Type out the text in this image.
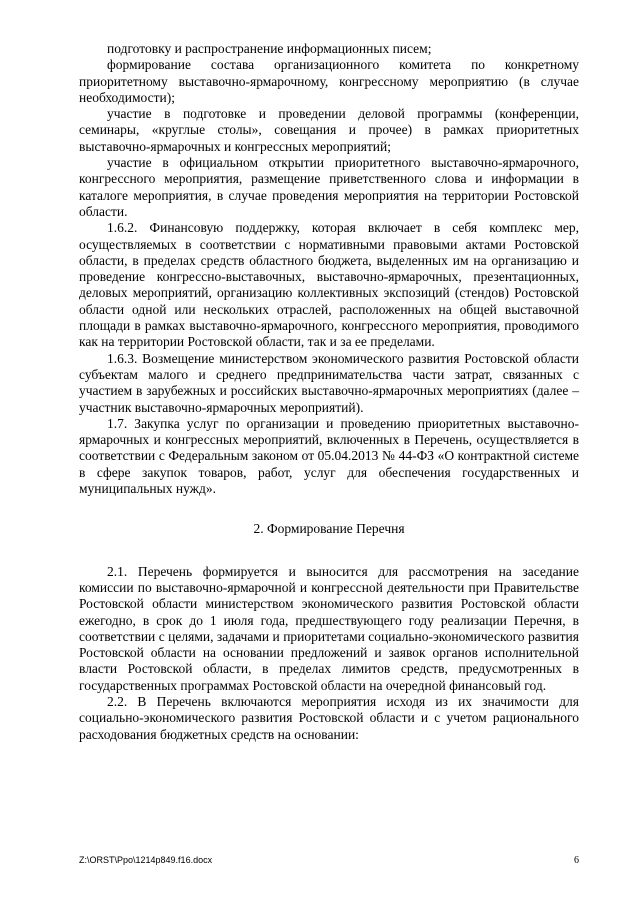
подготовку и распространение информационных писем;

формирование состава организационного комитета по конкретному приоритетному выставочно-ярмарочному, конгрессному мероприятию (в случае необходимости);

участие в подготовке и проведении деловой программы (конференции, семинары, «круглые столы», совещания и прочее) в рамках приоритетных выставочно-ярмарочных и конгрессных мероприятий;

участие в официальном открытии приоритетного выставочно-ярмарочного, конгрессного мероприятия, размещение приветственного слова и информации в каталоге мероприятия, в случае проведения мероприятия на территории Ростовской области.

1.6.2. Финансовую поддержку, которая включает в себя комплекс мер, осуществляемых в соответствии с нормативными правовыми актами Ростовской области, в пределах средств областного бюджета, выделенных им на организацию и проведение конгрессно-выставочных, выставочно-ярмарочных, презентационных, деловых мероприятий, организацию коллективных экспозиций (стендов) Ростовской области одной или нескольких отраслей, расположенных на общей выставочной площади в рамках выставочно-ярмарочного, конгрессного мероприятия, проводимого как на территории Ростовской области, так и за ее пределами.

1.6.3. Возмещение министерством экономического развития Ростовской области субъектам малого и среднего предпринимательства части затрат, связанных с участием в зарубежных и российских выставочно-ярмарочных мероприятиях (далее – участник выставочно-ярмарочных мероприятий).

1.7. Закупка услуг по организации и проведению приоритетных выставочно-ярмарочных и конгрессных мероприятий, включенных в Перечень, осуществляется в соответствии с Федеральным законом от 05.04.2013 № 44-ФЗ «О контрактной системе в сфере закупок товаров, работ, услуг для обеспечения государственных и муниципальных нужд».

2. Формирование Перечня

2.1. Перечень формируется и выносится для рассмотрения на заседание комиссии по выставочно-ярмарочной и конгрессной деятельности при Правительстве Ростовской области министерством экономического развития Ростовской области ежегодно, в срок до 1 июля года, предшествующего году реализации Перечня, в соответствии с целями, задачами и приоритетами социально-экономического развития Ростовской области на основании предложений и заявок органов исполнительной власти Ростовской области, в пределах лимитов средств, предусмотренных в государственных программах Ростовской области на очередной финансовый год.

2.2. В Перечень включаются мероприятия исходя из их значимости для социально-экономического развития Ростовской области и с учетом рационального расходования бюджетных средств на основании:

Z:\ORST\Ppo\1214p849.f16.docx	6
